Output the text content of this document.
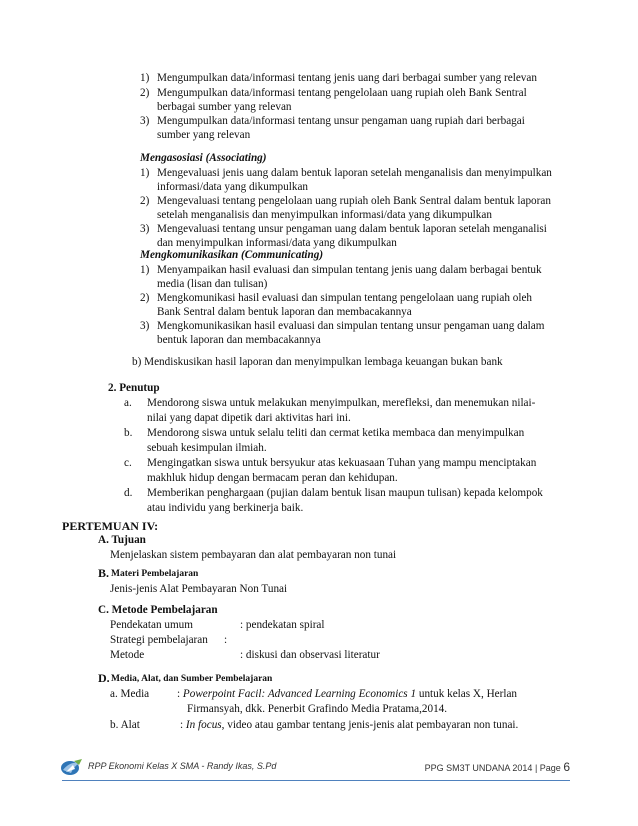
1) Mengumpulkan data/informasi tentang jenis uang dari berbagai sumber yang relevan
2) Mengumpulkan data/informasi tentang pengelolaan uang rupiah oleh Bank Sentral
berbagai sumber yang relevan
3) Mengumpulkan data/informasi tentang unsur pengaman uang rupiah dari berbagai
sumber yang relevan
Mengasosiasi (Associating)
1) Mengevaluasi jenis uang dalam bentuk laporan setelah menganalisis dan menyimpulkan
informasi/data yang dikumpulkan
2) Mengevaluasi tentang pengelolaan uang rupiah oleh Bank Sentral dalam bentuk laporan
setelah menganalisis dan menyimpulkan informasi/data yang dikumpulkan
3) Mengevaluasi tentang unsur pengaman uang dalam bentuk laporan setelah menganalisi
dan menyimpulkan informasi/data yang dikumpulkan
Mengkomunikasikan (Communicating)
1) Menyampaikan hasil evaluasi dan simpulan tentang jenis uang dalam berbagai bentuk
media (lisan dan tulisan)
2) Mengkomunikasi hasil evaluasi dan simpulan tentang pengelolaan uang rupiah oleh
Bank Sentral dalam bentuk laporan dan membacakannya
3) Mengkomunikasikan hasil evaluasi dan simpulan tentang unsur pengaman uang dalam
bentuk laporan dan membacakannya
b) Mendiskusikan hasil laporan dan menyimpulkan lembaga keuangan bukan bank
2. Penutup
a. Mendorong siswa untuk melakukan menyimpulkan, merefleksi, dan menemukan nilai-
nilai yang dapat dipetik dari aktivitas hari ini.
b. Mendorong siswa untuk selalu teliti dan cermat ketika membaca dan menyimpulkan
sebuah kesimpulan ilmiah.
c. Mengingatkan siswa untuk bersyukur atas kekuasaan Tuhan yang mampu menciptakan
makhluk hidup dengan bermacam peran dan kehidupan.
d. Memberikan penghargaan (pujian dalam bentuk lisan maupun tulisan) kepada kelompok
atau individu yang berkinerja baik.
PERTEMUAN IV:
A. Tujuan
Menjelaskan sistem pembayaran dan alat pembayaran non tunai
B. Materi Pembelajaran
Jenis-jenis Alat Pembayaran Non Tunai
C. Metode Pembelajaran
Pendekatan umum	: pendekatan spiral
Strategi pembelajaran :
Metode	: diskusi dan observasi literatur
D. Media, Alat, dan Sumber Pembelajaran
a. Media : Powerpoint Facil: Advanced Learning Economics 1 untuk kelas X, Herlan
Firmansyah, dkk. Penerbit Grafindo Media Pratama,2014.
b. Alat	: In focus, video atau gambar tentang jenis-jenis alat pembayaran non tunai.
RPP Ekonomi Kelas X SMA - Randy Ikas, S.Pd	PPG SM3T UNDANA 2014 | Page 6
